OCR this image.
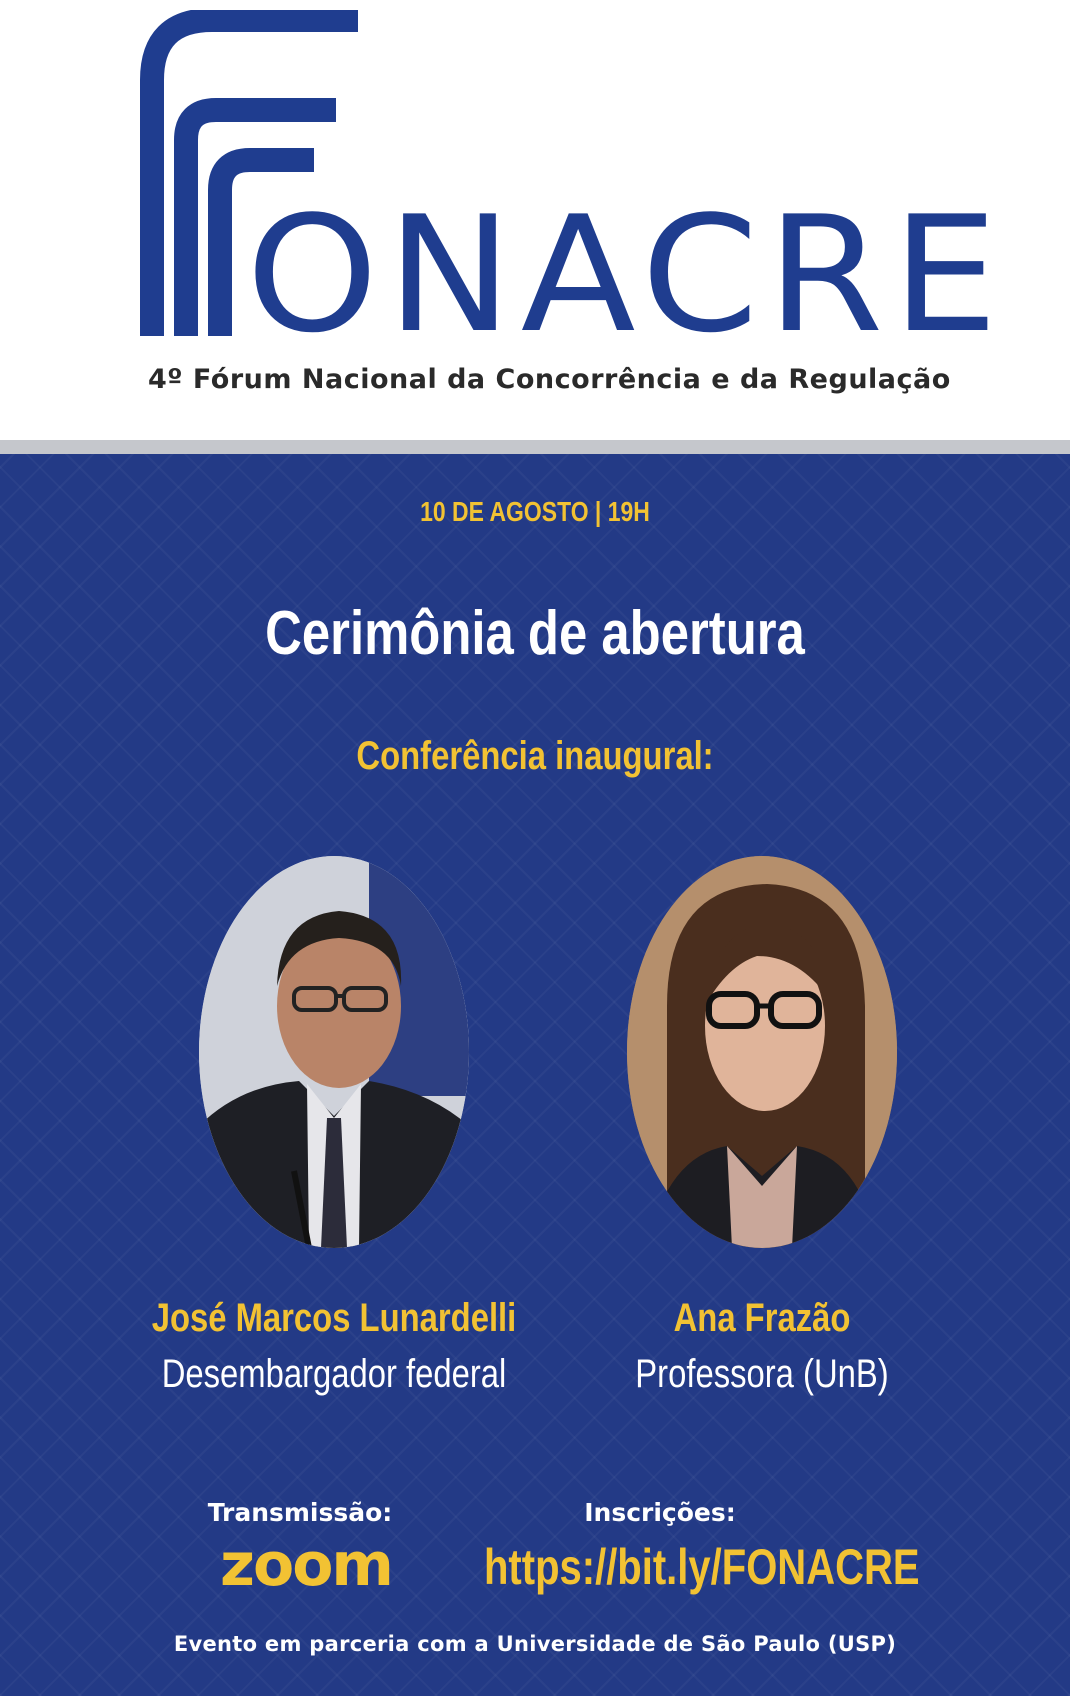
ONACRE
4º Fórum Nacional da Concorrência e da Regulação
10 DE AGOSTO | 19H
Cerimônia de abertura
Conferência inaugural:
José Marcos Lunardelli
Desembargador federal
Ana Frazão
Professora (UnB)
Transmissão:
zoom
Inscrições:
https://bit.ly/FONACRE
Evento em parceria com a Universidade de São Paulo (USP)
